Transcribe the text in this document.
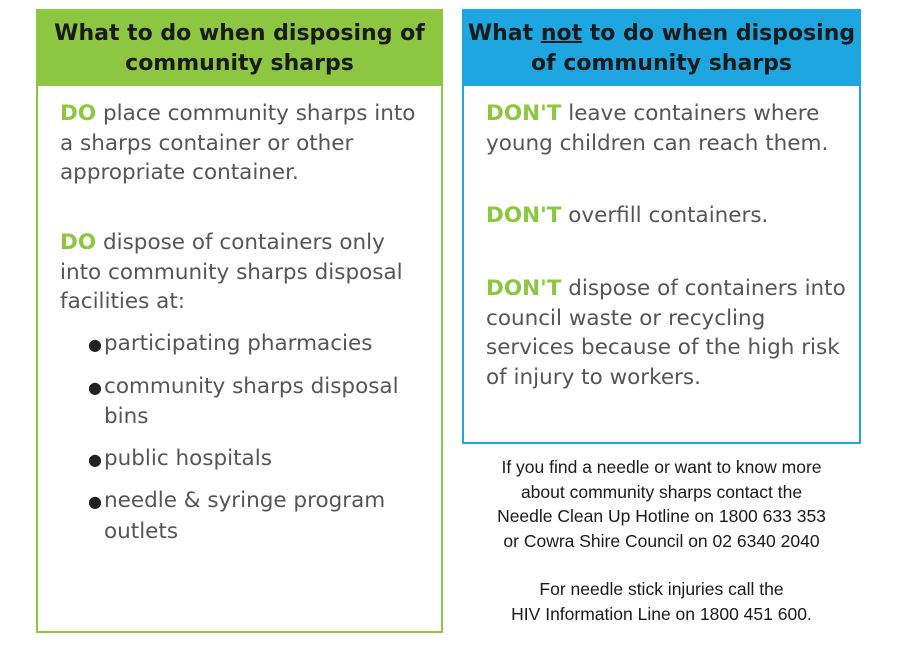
What to do when disposing of
community sharps

DO place community sharps into a sharps container or other appropriate container.

DO dispose of containers only into community sharps disposal facilities at:

●participating pharmacies
●community sharps disposal bins
●public hospitals
●needle & syringe program outlets
What not to do when disposing
of community sharps

DON'T leave containers where young children can reach them.

DON'T overfill containers.

DON'T dispose of containers into council waste or recycling services because of the high risk of injury to workers.

If you find a needle or want to know more

about community sharps contact the

Needle Clean Up Hotline on 1800 633 353

or Cowra Shire Council on 02 6340 2040

For needle stick injuries call the

HIV Information Line on 1800 451 600.
